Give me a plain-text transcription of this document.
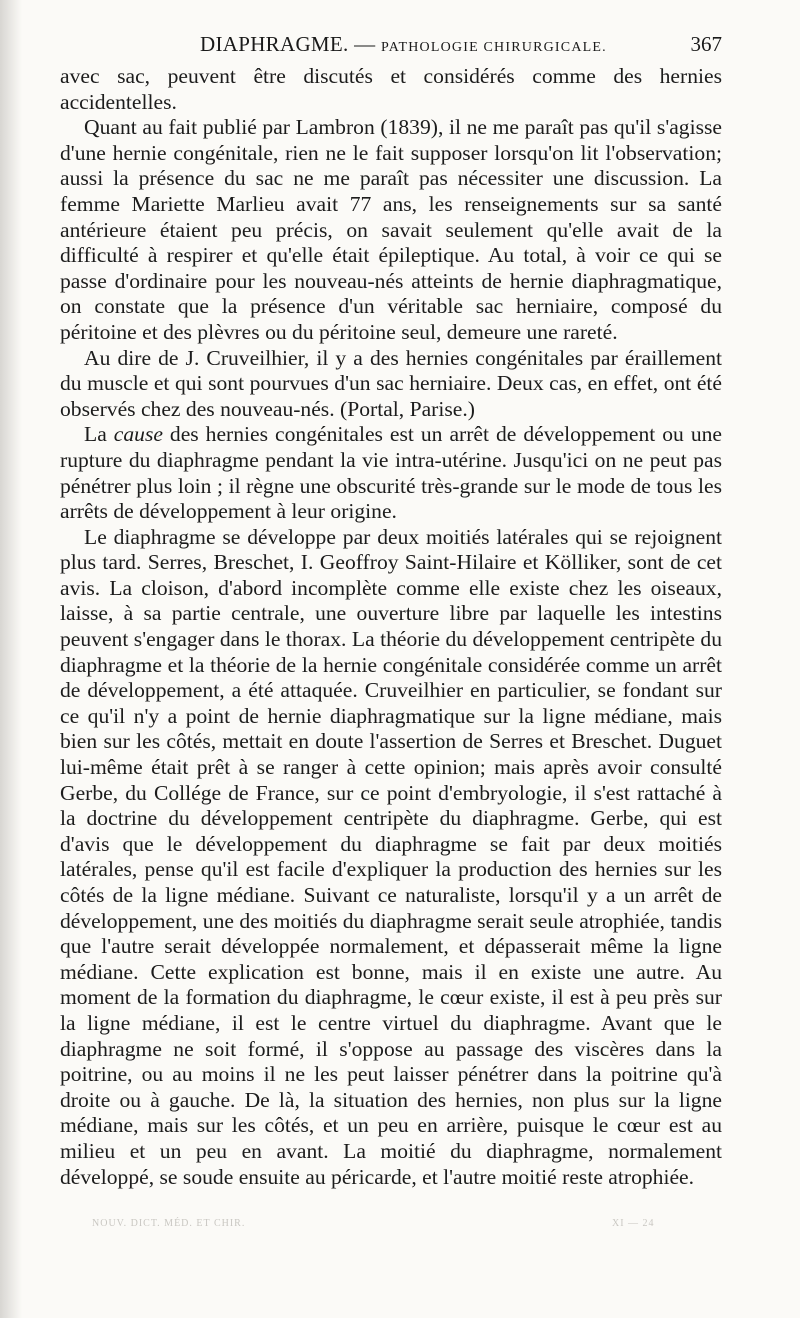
DIAPHRAGME. — PATHOLOGIE CHIRURGICALE.	367

avec sac, peuvent être discutés et considérés comme des hernies accidentelles.

Quant au fait publié par Lambron (1839), il ne me paraît pas qu'il s'agisse d'une hernie congénitale, rien ne le fait supposer lorsqu'on lit l'observation; aussi la présence du sac ne me paraît pas nécessiter une discussion. La femme Mariette Marlieu avait 77 ans, les renseignements sur sa santé antérieure étaient peu précis, on savait seulement qu'elle avait de la difficulté à respirer et qu'elle était épileptique. Au total, à voir ce qui se passe d'ordinaire pour les nouveau-nés atteints de hernie diaphragmatique, on constate que la présence d'un véritable sac herniaire, composé du péritoine et des plèvres ou du péritoine seul, demeure une rareté.

Au dire de J. Cruveilhier, il y a des hernies congénitales par éraillement du muscle et qui sont pourvues d'un sac herniaire. Deux cas, en effet, ont été observés chez des nouveau-nés. (Portal, Parise.)

La cause des hernies congénitales est un arrêt de développement ou une rupture du diaphragme pendant la vie intra-utérine. Jusqu'ici on ne peut pas pénétrer plus loin ; il règne une obscurité très-grande sur le mode de tous les arrêts de développement à leur origine.

Le diaphragme se développe par deux moitiés latérales qui se rejoignent plus tard. Serres, Breschet, I. Geoffroy Saint-Hilaire et Kölliker, sont de cet avis. La cloison, d'abord incomplète comme elle existe chez les oiseaux, laisse, à sa partie centrale, une ouverture libre par laquelle les intestins peuvent s'engager dans le thorax. La théorie du développement centripète du diaphragme et la théorie de la hernie congénitale considérée comme un arrêt de développement, a été attaquée. Cruveilhier en particulier, se fondant sur ce qu'il n'y a point de hernie diaphragmatique sur la ligne médiane, mais bien sur les côtés, mettait en doute l'assertion de Serres et Breschet. Duguet lui-même était prêt à se ranger à cette opinion; mais après avoir consulté Gerbe, du Collége de France, sur ce point d'embryologie, il s'est rattaché à la doctrine du développement centripète du diaphragme. Gerbe, qui est d'avis que le développement du diaphragme se fait par deux moitiés latérales, pense qu'il est facile d'expliquer la production des hernies sur les côtés de la ligne médiane. Suivant ce naturaliste, lorsqu'il y a un arrêt de développement, une des moitiés du diaphragme serait seule atrophiée, tandis que l'autre serait développée normalement, et dépasserait même la ligne médiane. Cette explication est bonne, mais il en existe une autre. Au moment de la formation du diaphragme, le cœur existe, il est à peu près sur la ligne médiane, il est le centre virtuel du diaphragme. Avant que le diaphragme ne soit formé, il s'oppose au passage des viscères dans la poitrine, ou au moins il ne les peut laisser pénétrer dans la poitrine qu'à droite ou à gauche. De là, la situation des hernies, non plus sur la ligne médiane, mais sur les côtés, et un peu en arrière, puisque le cœur est au milieu et un peu en avant. La moitié du diaphragme, normalement développé, se soude ensuite au péricarde, et l'autre moitié reste atrophiée.

NOUV. DICT. MÉD. ET CHIR.	XI — 24
